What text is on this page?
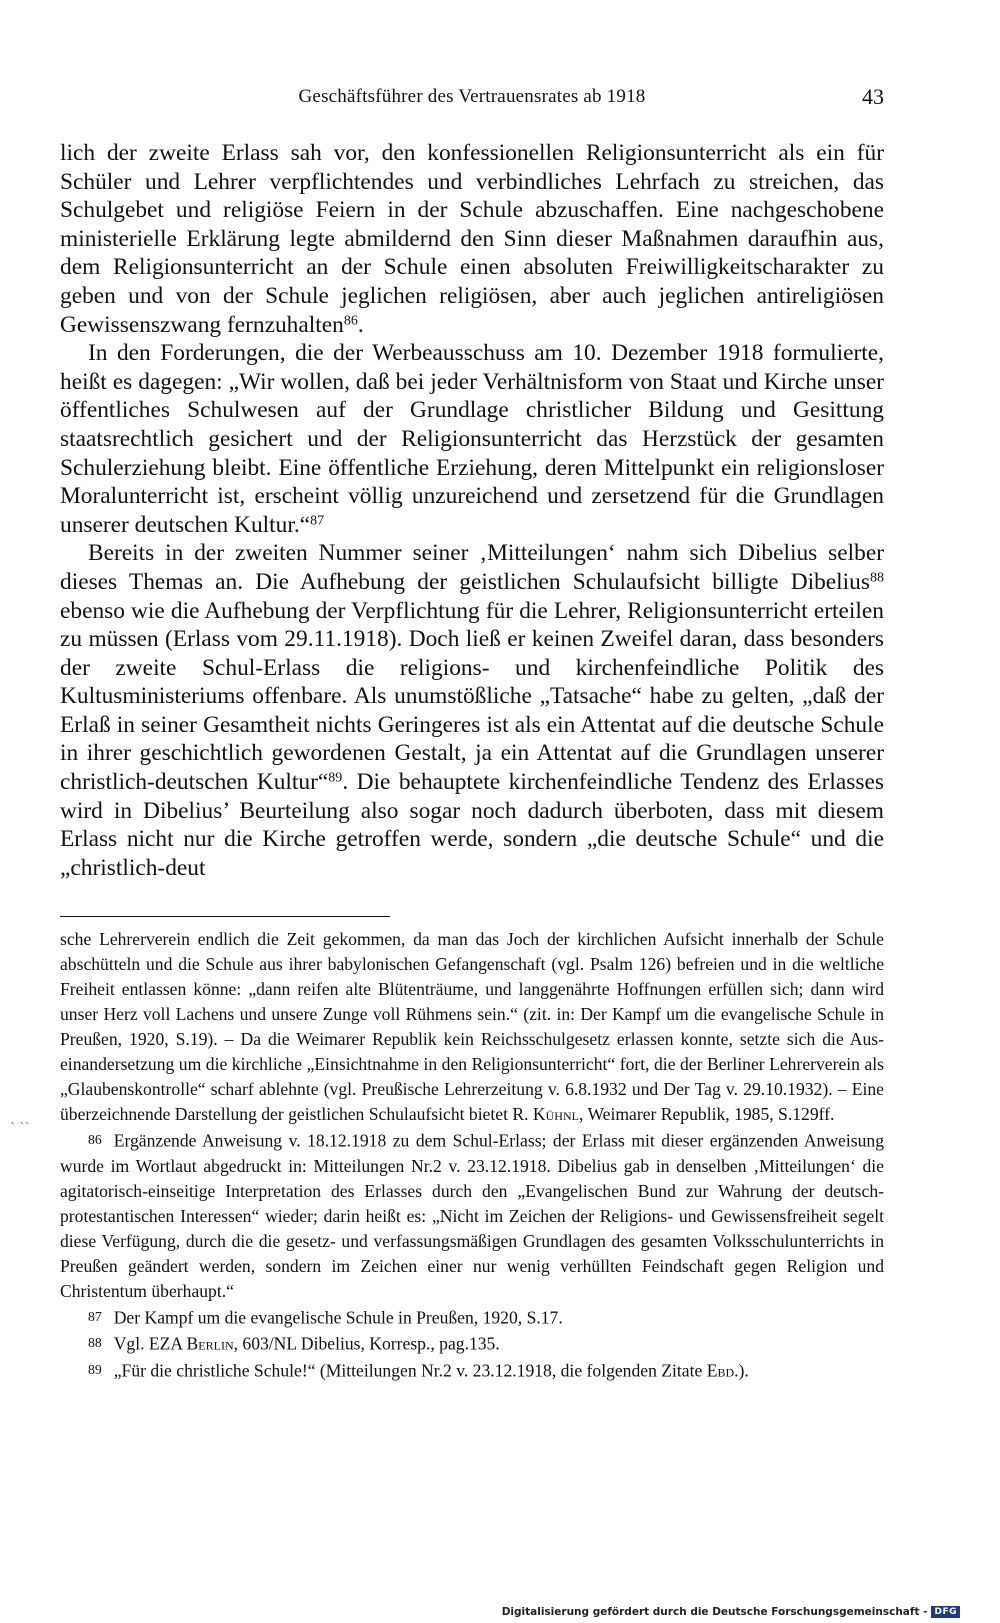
Geschäftsführer des Vertrauensrates ab 1918	43

lich der zweite Erlass sah vor, den konfessionellen Religionsunterricht als ein für Schüler und Lehrer verpflichtendes und verbindliches Lehrfach zu streichen, das Schulgebet und religiöse Feiern in der Schule abzuschaffen. Eine nachgeschobene ministerielle Erklärung legte abmildernd den Sinn dieser Maßnahmen daraufhin aus, dem Religionsunterricht an der Schule einen absoluten Freiwilligkeitscharakter zu geben und von der Schule jeglichen religiösen, aber auch jeglichen antireligiösen Gewissenszwang fernzuhalten$^{86}$.

In den Forderungen, die der Werbeausschuss am 10. Dezember 1918 formulierte, heißt es dagegen: „Wir wollen, daß bei jeder Verhältnisform von Staat und Kirche unser öffentliches Schulwesen auf der Grundlage christlicher Bildung und Gesittung staatsrechtlich gesichert und der Religionsunterricht das Herzstück der gesamten Schulerziehung bleibt. Eine öffentliche Erziehung, deren Mittelpunkt ein religionsloser Moralunterricht ist, erscheint völlig unzureichend und zersetzend für die Grundlagen unserer deutschen Kultur.“$^{87}$

Bereits in der zweiten Nummer seiner ‚Mitteilungen‘ nahm sich Dibelius selber dieses Themas an. Die Aufhebung der geistlichen Schulaufsicht billigte Dibelius$^{88}$ ebenso wie die Aufhebung der Verpflichtung für die Lehrer, Religionsunterricht erteilen zu müssen (Erlass vom 29.11.1918). Doch ließ er keinen Zweifel daran, dass besonders der zweite Schul-Erlass die religions- und kirchenfeindliche Politik des Kultusministeriums offenbare. Als unumstößliche „Tatsache“ habe zu gelten, „daß der Erlaß in seiner Gesamtheit nichts Geringeres ist als ein Attentat auf die deutsche Schule in ihrer geschichtlich gewordenen Gestalt, ja ein Attentat auf die Grundlagen unserer christlich-deutschen Kultur“$^{89}$. Die behauptete kirchenfeindliche Tendenz des Erlasses wird in Dibelius’ Beurteilung also sogar noch dadurch überboten, dass mit diesem Erlass nicht nur die Kirche getroffen werde, sondern „die deutsche Schule“ und die „christlich-deut

sche Lehrerverein endlich die Zeit gekommen, da man das Joch der kirchlichen Aufsicht innerhalb der Schule abschütteln und die Schule aus ihrer babylonischen Gefangenschaft (vgl. Psalm 126) befreien und in die weltliche Freiheit entlassen könne: „dann reifen alte Blütenträume, und langgenährte Hoffnungen erfüllen sich; dann wird unser Herz voll Lachens und unsere Zunge voll Rühmens sein.“ (zit. in: Der Kampf um die evangelische Schule in Preußen, 1920, S.19). – Da die Weimarer Republik kein Reichsschulgesetz erlassen konnte, setzte sich die Auseinandersetzung um die kirchliche „Einsichtnahme in den Religionsunterricht“ fort, die der Berliner Lehrerverein als „Glaubenskontrolle“ scharf ablehnte (vgl. Preußische Lehrerzeitung v. 6.8.1932 und Der Tag v. 29.10.1932). – Eine überzeichnende Darstellung der geistlichen Schulaufsicht bietet R. Kühnl, Weimarer Republik, 1985, S.129ff.

86 Ergänzende Anweisung v. 18.12.1918 zu dem Schul-Erlass; der Erlass mit dieser ergänzenden Anweisung wurde im Wortlaut abgedruckt in: Mitteilungen Nr.2 v. 23.12.1918. Dibelius gab in denselben ‚Mitteilungen‘ die agitatorisch-einseitige Interpretation des Erlasses durch den „Evangelischen Bund zur Wahrung der deutsch-protestantischen Interessen“ wieder; darin heißt es: „Nicht im Zeichen der Religions- und Gewissensfreiheit segelt diese Verfügung, durch die die gesetz- und verfassungsmäßigen Grundlagen des gesamten Volksschulunterrichts in Preußen geändert werden, sondern im Zeichen einer nur wenig verhüllten Feindschaft gegen Religion und Christentum überhaupt.“

87 Der Kampf um die evangelische Schule in Preußen, 1920, S.17.

88 Vgl. EZA Berlin, 603/NL Dibelius, Korresp., pag.135.

89 „Für die christliche Schule!“ (Mitteilungen Nr.2 v. 23.12.1918, die folgenden Zitate Ebd.).

ˏ ˏˏ
Digitalisierung gefördert durch die Deutsche Forschungsgemeinschaft - DFG
